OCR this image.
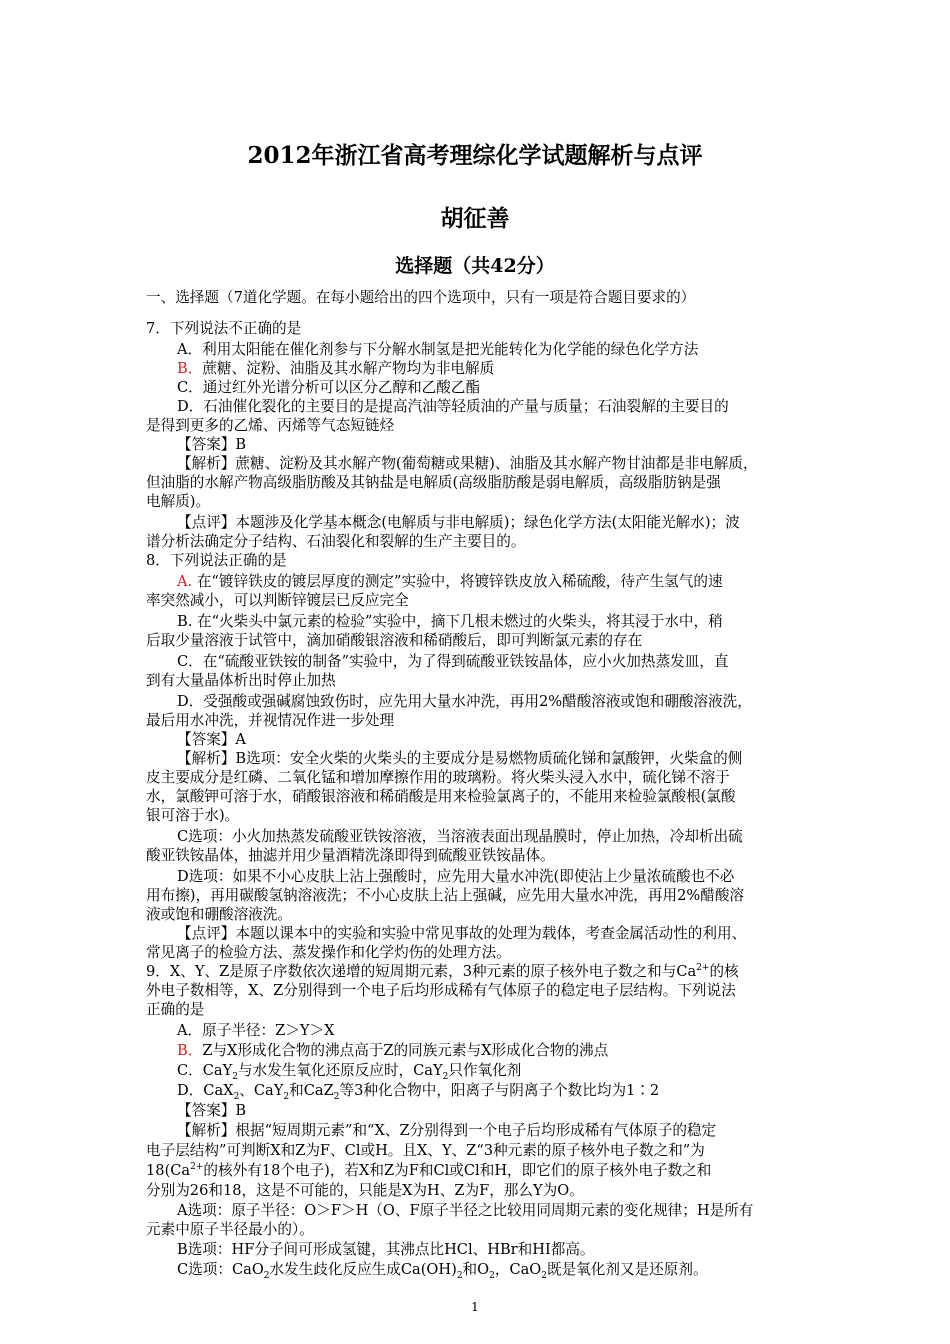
2012年浙江省高考理综化学试题解析与点评
胡征善
选择题（共42分）
一、选择题（7道化学题。在每小题给出的四个选项中，只有一项是符合题目要求的）
7．下列说法不正确的是
A．利用太阳能在催化剂参与下分解水制氢是把光能转化为化学能的绿色化学方法
B．蔗糖、淀粉、油脂及其水解产物均为非电解质
C．通过红外光谱分析可以区分乙醇和乙酸乙酯
D．石油催化裂化的主要目的是提高汽油等轻质油的产量与质量；石油裂解的主要目的
是得到更多的乙烯、丙烯等气态短链烃
【答案】B
【解析】蔗糖、淀粉及其水解产物(葡萄糖或果糖)、油脂及其水解产物甘油都是非电解质，
但油脂的水解产物高级脂肪酸及其钠盐是电解质(高级脂肪酸是弱电解质，高级脂肪钠是强
电解质)。
【点评】本题涉及化学基本概念(电解质与非电解质)；绿色化学方法(太阳能光解水)；波
谱分析法确定分子结构、石油裂化和裂解的生产主要目的。
8．下列说法正确的是
A. 在“镀锌铁皮的镀层厚度的测定”实验中，将镀锌铁皮放入稀硫酸，待产生氢气的速
率突然减小，可以判断锌镀层已反应完全
B. 在“火柴头中氯元素的检验”实验中，摘下几根未燃过的火柴头，将其浸于水中，稍
后取少量溶液于试管中，滴加硝酸银溶液和稀硝酸后，即可判断氯元素的存在
C．在“硫酸亚铁铵的制备”实验中，为了得到硫酸亚铁铵晶体，应小火加热蒸发皿，直
到有大量晶体析出时停止加热
D．受强酸或强碱腐蚀致伤时，应先用大量水冲洗，再用2%醋酸溶液或饱和硼酸溶液洗，
最后用水冲洗，并视情况作进一步处理
【答案】A
【解析】B选项：安全火柴的火柴头的主要成分是易燃物质硫化锑和氯酸钾，火柴盒的侧
皮主要成分是红磷、二氧化锰和增加摩擦作用的玻璃粉。将火柴头浸入水中，硫化锑不溶于
水，氯酸钾可溶于水，硝酸银溶液和稀硝酸是用来检验氯离子的，不能用来检验氯酸根(氯酸
银可溶于水)。
C选项：小火加热蒸发硫酸亚铁铵溶液，当溶液表面出现晶膜时，停止加热，冷却析出硫
酸亚铁铵晶体，抽滤并用少量酒精洗涤即得到硫酸亚铁铵晶体。
D选项：如果不小心皮肤上沾上强酸时，应先用大量水冲洗(即使沾上少量浓硫酸也不必
用布擦)，再用碳酸氢钠溶液洗；不小心皮肤上沾上强碱，应先用大量水冲洗，再用2%醋酸溶
液或饱和硼酸溶液洗。
【点评】本题以课本中的实验和实验中常见事故的处理为载体，考查金属活动性的利用、
常见离子的检验方法、蒸发操作和化学灼伤的处理方法。
9．X、Y、Z是原子序数依次递增的短周期元素，3种元素的原子核外电子数之和与$Ca^{2+}$的核
外电子数相等，X、Z分别得到一个电子后均形成稀有气体原子的稳定电子层结构。下列说法
正确的是
A．原子半径：Z＞Y＞X
B．Z与X形成化合物的沸点高于Z的同族元素与X形成化合物的沸点
C．CaY$_2$与水发生氧化还原反应时，CaY$_2$只作氧化剂
D．CaX$_2$、CaY$_2$和CaZ$_2$等3种化合物中，阳离子与阴离子个数比均为1∶2
【答案】B
【解析】根据“短周期元素”和“X、Z分别得到一个电子后均形成稀有气体原子的稳定
电子层结构”可判断X和Z为F、Cl或H。且X、Y、Z“3种元素的原子核外电子数之和”为
$18(Ca^{2+}$的核外有18个电子)，若X和Z为F和Cl或Cl和H，即它们的原子核外电子数之和
分别为26和18，这是不可能的，只能是X为H、Z为F，那么Y为O。
A选项：原子半径：O＞F＞H（O、F原子半径之比较用同周期元素的变化规律；H是所有
元素中原子半径最小的）。
B选项：HF分子间可形成氢键，其沸点比HCl、HBr和HI都高。
C选项：CaO$_2$水发生歧化反应生成$Ca(OH)_2$和$O_2$，CaO$_2$既是氧化剂又是还原剂。
1
